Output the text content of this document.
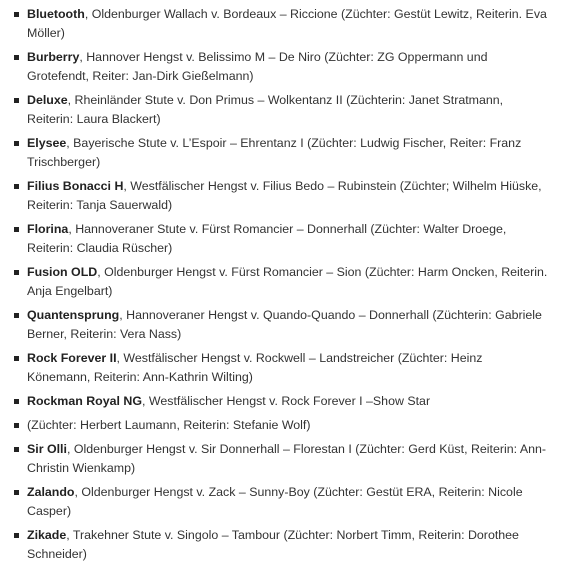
Bluetooth, Oldenburger Wallach v. Bordeaux – Riccione (Züchter: Gestüt Lewitz, Reiterin. Eva Möller)
Burberry, Hannover Hengst v. Belissimo M – De Niro (Züchter: ZG Oppermann und Grotefendt, Reiter: Jan-Dirk Gießelmann)
Deluxe, Rheinländer Stute v. Don Primus – Wolkentanz II (Züchterin: Janet Stratmann, Reiterin: Laura Blackert)
Elysee, Bayerische Stute v. L’Espoir – Ehrentanz I (Züchter: Ludwig Fischer, Reiter: Franz Trischberger)
Filius Bonacci H, Westfälischer Hengst v. Filius Bedo – Rubinstein (Züchter; Wilhelm Hiüske, Reiterin: Tanja Sauerwald)
Florina, Hannoveraner Stute v. Fürst Romancier – Donnerhall (Züchter: Walter Droege, Reiterin: Claudia Rüscher)
Fusion OLD, Oldenburger Hengst v. Fürst Romancier – Sion (Züchter: Harm Oncken, Reiterin. Anja Engelbart)
Quantensprung, Hannoveraner Hengst v. Quando-Quando – Donnerhall (Züchterin: Gabriele Berner, Reiterin: Vera Nass)
Rock Forever II, Westfälischer Hengst v. Rockwell – Landstreicher (Züchter: Heinz Könemann, Reiterin: Ann-Kathrin Wilting)
Rockman Royal NG, Westfälischer Hengst v. Rock Forever I –Show Star
(Züchter: Herbert Laumann, Reiterin: Stefanie Wolf)
Sir Olli, Oldenburger Hengst v. Sir Donnerhall – Florestan I (Züchter: Gerd Küst, Reiterin: Ann-Christin Wienkamp)
Zalando, Oldenburger Hengst v. Zack – Sunny-Boy (Züchter: Gestüt ERA, Reiterin: Nicole Casper)
Zikade, Trakehner Stute v. Singolo – Tambour (Züchter: Norbert Timm, Reiterin: Dorothee Schneider)
